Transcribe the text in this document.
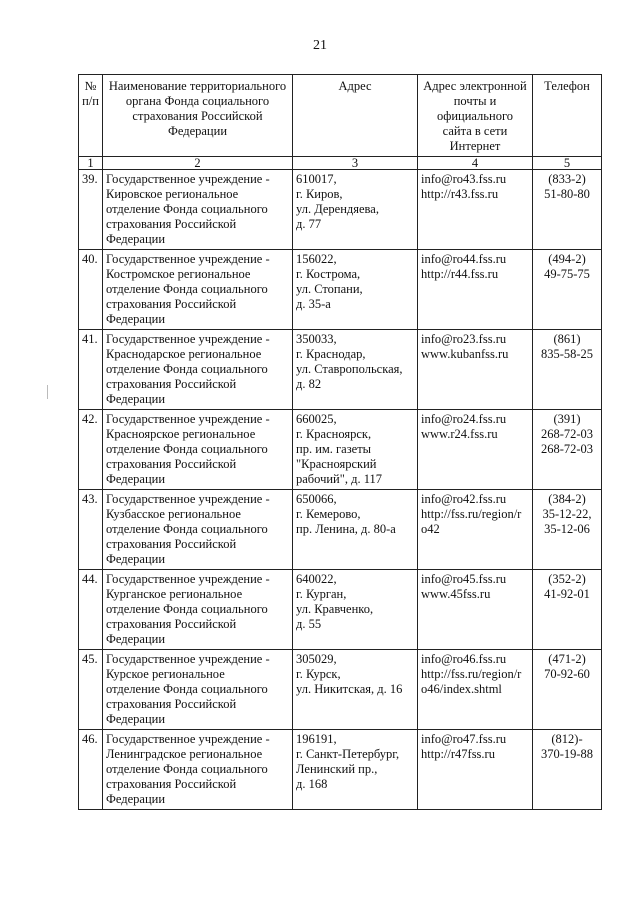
21
№
п/п	Наименование территориального
органа Фонда социального
страхования Российской
Федерации	Адрес	Адрес электронной
почты и
официального
сайта в сети
Интернет	Телефон

1	2	3	4	5
39.	Государственное учреждение -
Кировское региональное
отделение Фонда социального
страхования Российской
Федерации	610017,
г. Киров,
ул. Дерендяева,
д. 77	info@ro43.fss.ru
http://r43.fss.ru	(833-2)
51-80-80

40.	Государственное учреждение -
Костромское региональное
отделение Фонда социального
страхования Российской
Федерации	156022,
г. Кострома,
ул. Стопани,
д. 35-а	info@ro44.fss.ru
http://r44.fss.ru	(494-2)
49-75-75

41.	Государственное учреждение -
Краснодарское региональное
отделение Фонда социального
страхования Российской
Федерации	350033,
г. Краснодар,
ул. Ставропольская,
д. 82	info@ro23.fss.ru
www.kubanfss.ru	(861)
835-58-25

42.	Государственное учреждение -
Красноярское региональное
отделение Фонда социального
страхования Российской
Федерации	660025,
г. Красноярск,
пр. им. газеты
"Красноярский
рабочий", д. 117	info@ro24.fss.ru
www.r24.fss.ru	(391)
268-72-03
268-72-03

43.	Государственное учреждение -
Кузбасское региональное
отделение Фонда социального
страхования Российской
Федерации	650066,
г. Кемерово,
пр. Ленина, д. 80-а	info@ro42.fss.ru
http://fss.ru/region/r
o42	(384-2)
35-12-22,
35-12-06

44.	Государственное учреждение -
Курганское региональное
отделение Фонда социального
страхования Российской
Федерации	640022,
г. Курган,
ул. Кравченко,
д. 55	info@ro45.fss.ru
www.45fss.ru	(352-2)
41-92-01

45.	Государственное учреждение -
Курское региональное
отделение Фонда социального
страхования Российской
Федерации	305029,
г. Курск,
ул. Никитская, д. 16	info@ro46.fss.ru
http://fss.ru/region/r
o46/index.shtml	(471-2)
70-92-60

46.	Государственное учреждение -
Ленинградское региональное
отделение Фонда социального
страхования Российской
Федерации	196191,
г. Санкт-Петербург,
Ленинский пр.,
д. 168	info@ro47.fss.ru
http://r47fss.ru	(812)-
370-19-88
